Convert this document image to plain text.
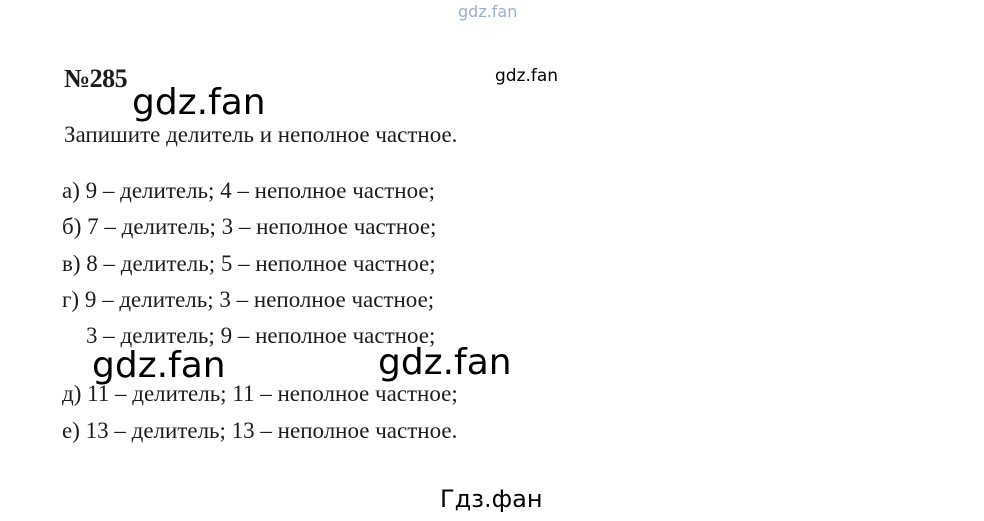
gdz.fan
№285	gdz.fan
gdz.fan
Запишите делитель и неполное частное.
а) 9 – делитель; 4 – неполное частное;
б) 7 – делитель; 3 – неполное частное;
в) 8 – делитель; 5 – неполное частное;
г) 9 – делитель; 3 – неполное частное;
3 – делитель; 9 – неполное частное;
gdz.fan	gdz.fan
д) 11 – делитель; 11 – неполное частное;
е) 13 – делитель; 13 – неполное частное.
Гдз.фан
